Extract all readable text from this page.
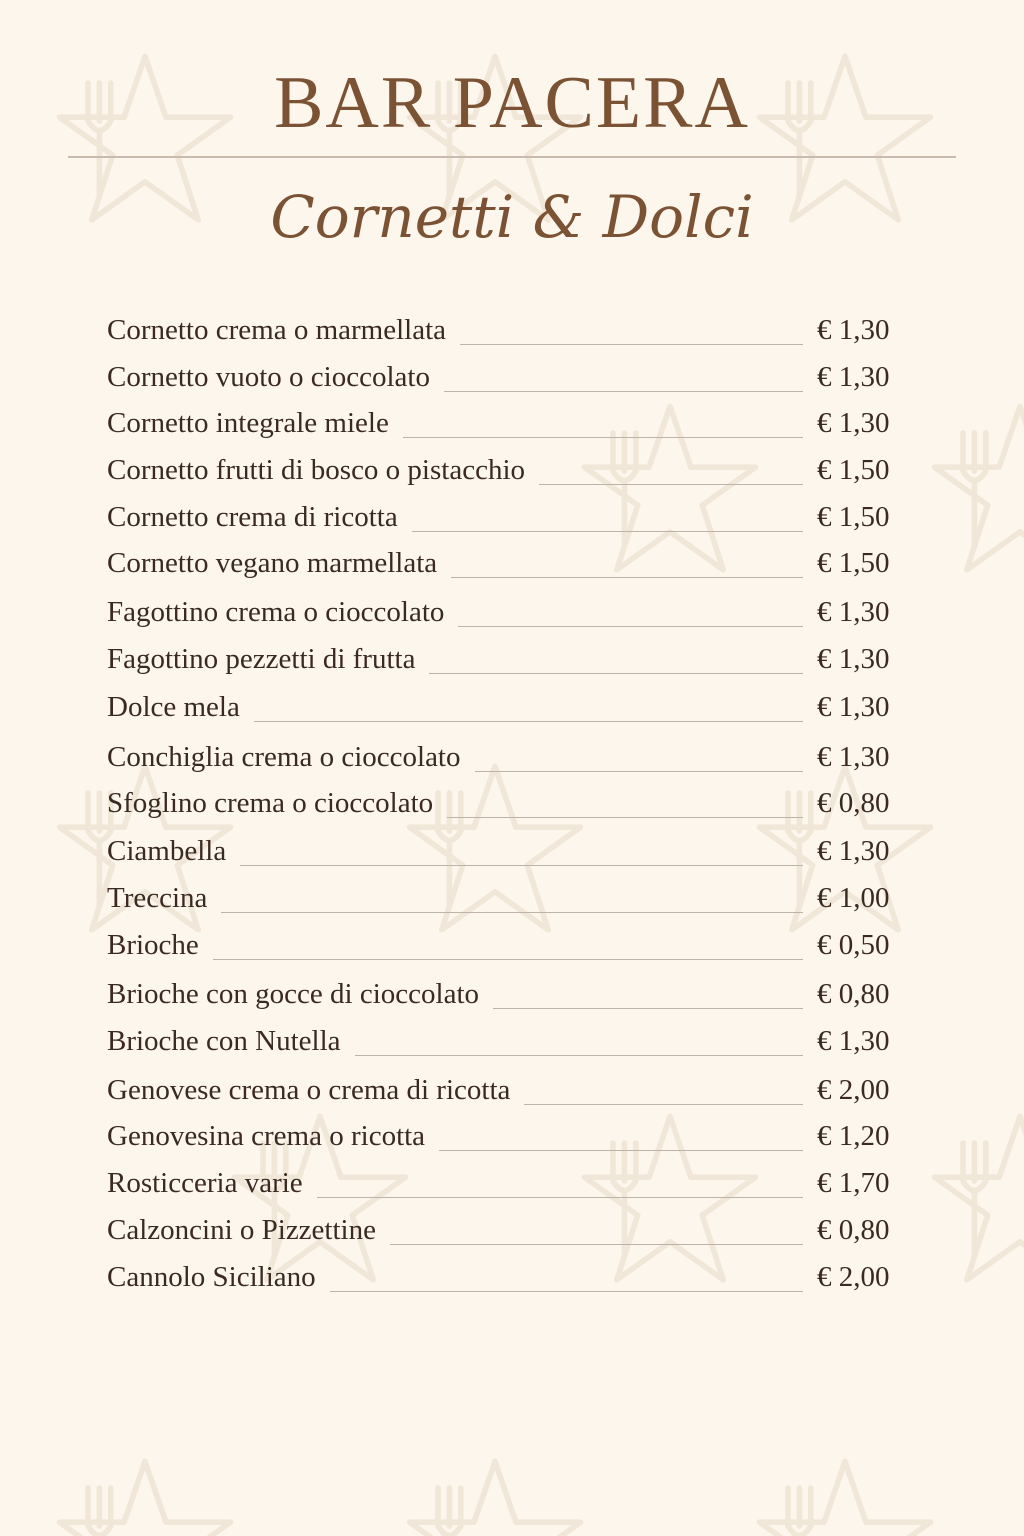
BAR PACERA
Cornetti & Dolci
Cornetto crema o marmellata	€ 1,30
Cornetto vuoto o cioccolato	€ 1,30
Cornetto integrale miele	€ 1,30
Cornetto frutti di bosco o pistacchio	€ 1,50
Cornetto crema di ricotta	€ 1,50
Cornetto vegano marmellata	€ 1,50
Fagottino crema o cioccolato	€ 1,30
Fagottino pezzetti di frutta	€ 1,30
Dolce mela	€ 1,30
Conchiglia crema o cioccolato	€ 1,30
Sfoglino crema o cioccolato	€ 0,80
Ciambella	€ 1,30
Treccina	€ 1,00
Brioche	€ 0,50
Brioche con gocce di cioccolato	€ 0,80
Brioche con Nutella	€ 1,30
Genovese crema o crema di ricotta	€ 2,00
Genovesina crema o ricotta	€ 1,20
Rosticceria varie	€ 1,70
Calzoncini o Pizzettine	€ 0,80
Cannolo Siciliano	€ 2,00
